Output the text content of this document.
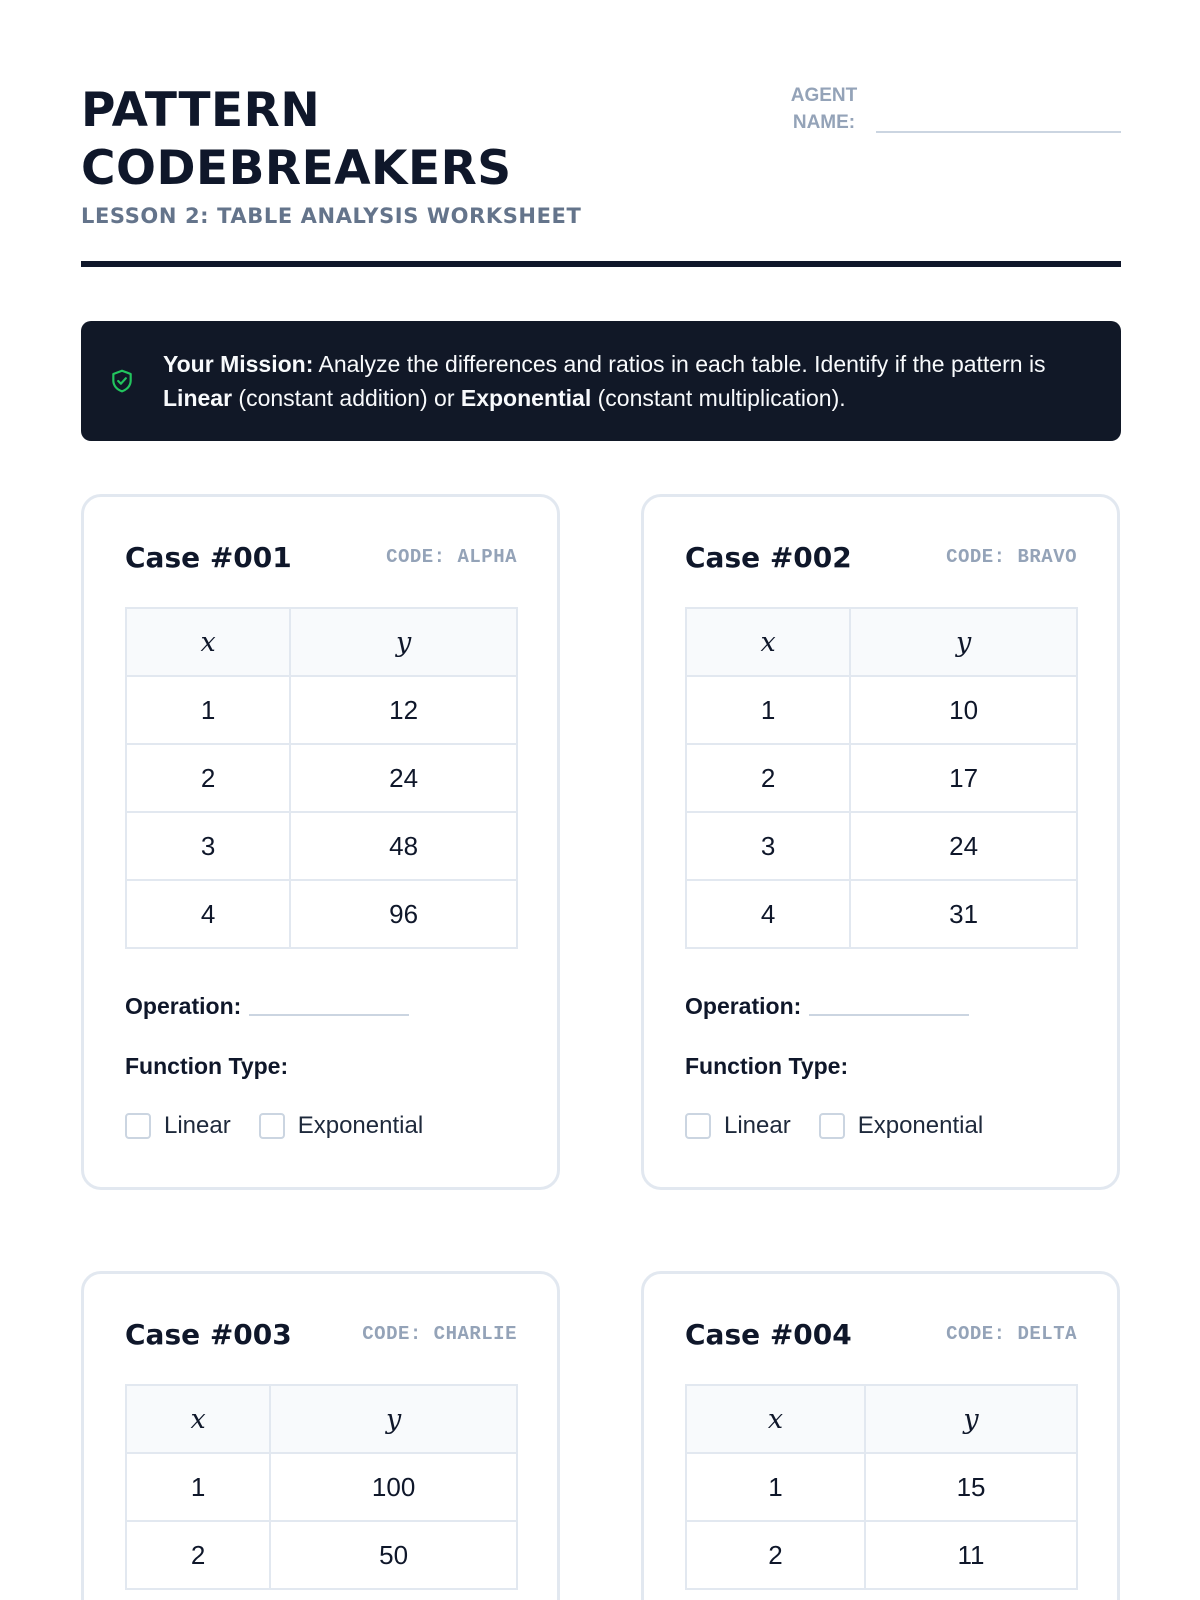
PATTERN
CODEBREAKERS
LESSON 2: TABLE ANALYSIS WORKSHEET
AGENT
NAME:
Your Mission: Analyze the differences and ratios in each table. Identify if the pattern is Linear (constant addition) or Exponential (constant multiplication).
Case #001	CODE: ALPHA
x	y
1	12
2	24
3	48
4	96
Operation:
Function Type:
Linear	Exponential
Case #002	CODE: BRAVO
x	y
1	10
2	17
3	24
4	31
Operation:
Function Type:
Linear	Exponential
Case #003	CODE: CHARLIE
x	y
1	100
2	50
Case #004	CODE: DELTA
x	y
1	15
2	11
